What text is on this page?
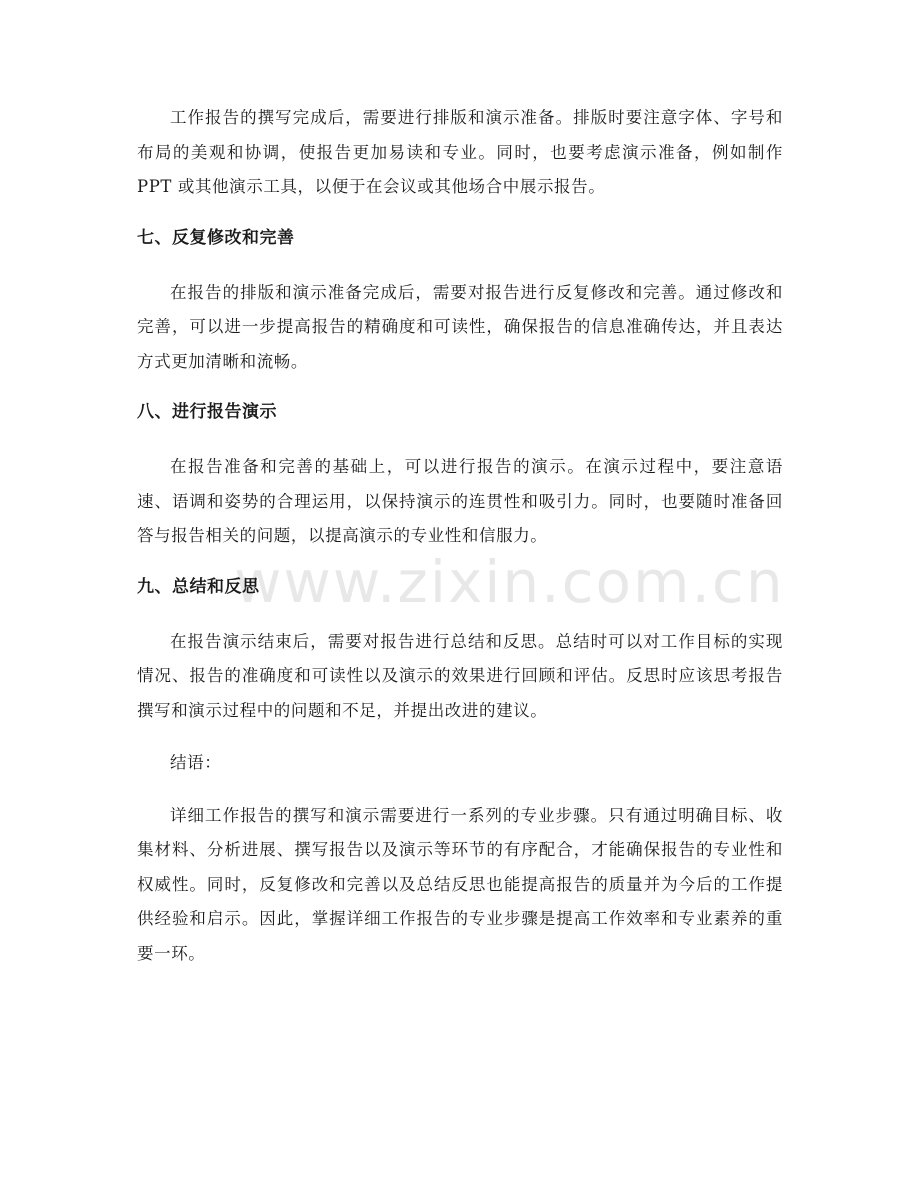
工作报告的撰写完成后，需要进行排版和演示准备。排版时要注意字体、字号和布局的美观和协调，使报告更加易读和专业。同时，也要考虑演示准备，例如制作 PPT 或其他演示工具，以便于在会议或其他场合中展示报告。

七、反复修改和完善

在报告的排版和演示准备完成后，需要对报告进行反复修改和完善。通过修改和完善，可以进一步提高报告的精确度和可读性，确保报告的信息准确传达，并且表达方式更加清晰和流畅。

八、进行报告演示

在报告准备和完善的基础上，可以进行报告的演示。在演示过程中，要注意语速、语调和姿势的合理运用，以保持演示的连贯性和吸引力。同时，也要随时准备回答与报告相关的问题，以提高演示的专业性和信服力。

九、总结和反思

在报告演示结束后，需要对报告进行总结和反思。总结时可以对工作目标的实现情况、报告的准确度和可读性以及演示的效果进行回顾和评估。反思时应该思考报告撰写和演示过程中的问题和不足，并提出改进的建议。

结语：

详细工作报告的撰写和演示需要进行一系列的专业步骤。只有通过明确目标、收集材料、分析进展、撰写报告以及演示等环节的有序配合，才能确保报告的专业性和权威性。同时，反复修改和完善以及总结反思也能提高报告的质量并为今后的工作提供经验和启示。因此，掌握详细工作报告的专业步骤是提高工作效率和专业素养的重要一环。

www.zixin.com.cn
